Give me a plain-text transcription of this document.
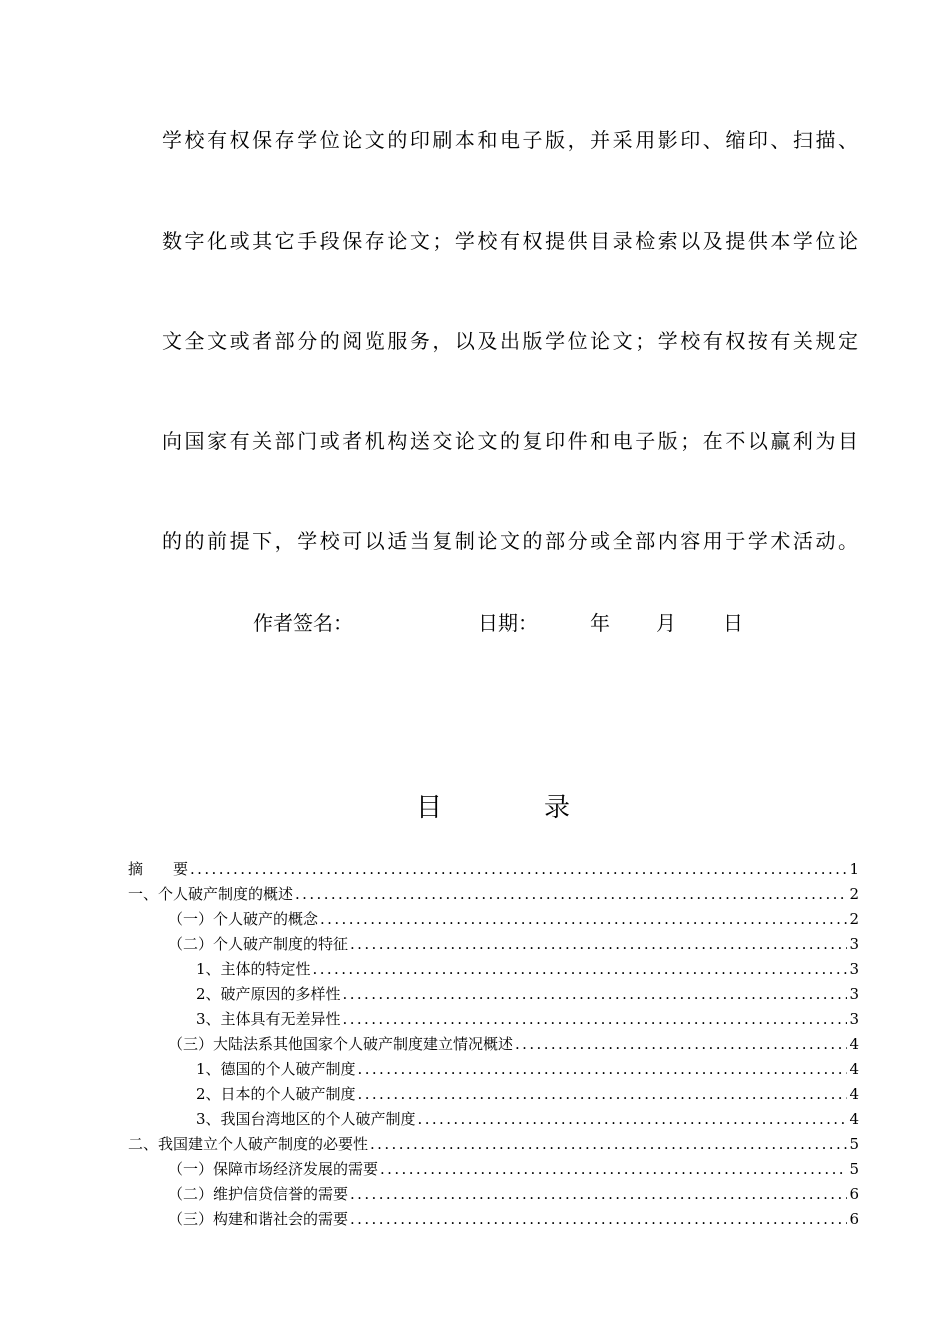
学校有权保存学位论文的印刷本和电子版，并采用影印、缩印、扫描、
数字化或其它手段保存论文；学校有权提供目录检索以及提供本学位论
文全文或者部分的阅览服务，以及出版学位论文；学校有权按有关规定
向国家有关部门或者机构送交论文的复印件和电子版；在不以赢利为目
的的前提下，学校可以适当复制论文的部分或全部内容用于学术活动。
作者签名：	日期：	年 月 日
目	录
摘　　要 .....	1
一、个人破产制度的概述 .....	2
（一）个人破产的概念 .....	2
（二）个人破产制度的特征 .....	3
1、主体的特定性 .....	3
2、破产原因的多样性 .....	3
3、主体具有无差异性 .....	3
（三）大陆法系其他国家个人破产制度建立情况概述 .....	4
1、德国的个人破产制度 .....	4
2、日本的个人破产制度 .....	4
3、我国台湾地区的个人破产制度 .....	4
二、我国建立个人破产制度的必要性 .....	5
（一）保障市场经济发展的需要 .....	5
（二）维护信贷信誉的需要 .....	6
（三）构建和谐社会的需要 .....	6
